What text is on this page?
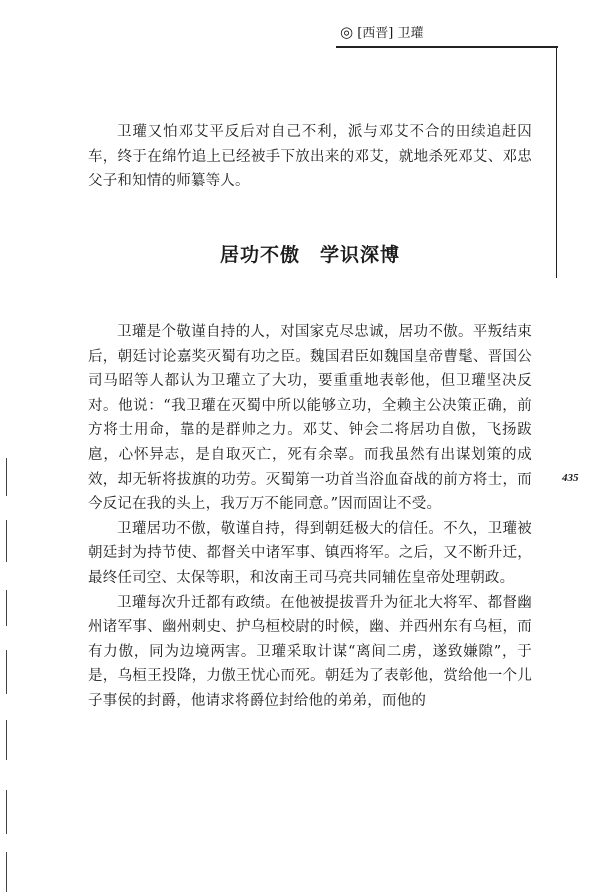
◎ [西晋] 卫瓘
435

卫瓘又怕邓艾平反后对自己不利，派与邓艾不合的田续追赶囚车，终于在绵竹追上已经被手下放出来的邓艾，就地杀死邓艾、邓忠父子和知情的师纂等人。

居功不傲　学识深博

卫瓘是个敬谨自持的人，对国家克尽忠诚，居功不傲。平叛结束后，朝廷讨论嘉奖灭蜀有功之臣。魏国君臣如魏国皇帝曹髦、晋国公司马昭等人都认为卫瓘立了大功，要重重地表彰他，但卫瓘坚决反对。他说：“我卫瓘在灭蜀中所以能够立功，全赖主公决策正确，前方将士用命，靠的是群帅之力。邓艾、钟会二将居功自傲，飞扬跋扈，心怀异志，是自取灭亡，死有余辜。而我虽然有出谋划策的成效，却无斩将拔旗的功劳。灭蜀第一功首当浴血奋战的前方将士，而今反记在我的头上，我万万不能同意。”因而固让不受。

卫瓘居功不傲，敬谨自持，得到朝廷极大的信任。不久，卫瓘被朝廷封为持节使、都督关中诸军事、镇西将军。之后，又不断升迁，最终任司空、太保等职，和汝南王司马亮共同辅佐皇帝处理朝政。

卫瓘每次升迁都有政绩。在他被提拔晋升为征北大将军、都督幽州诸军事、幽州刺史、护乌桓校尉的时候，幽、并西州东有乌桓，而有力傲，同为边境两害。卫瓘采取计谋“离间二虏，遂致嫌隙”，于是，乌桓王投降，力傲王忧心而死。朝廷为了表彰他，赏给他一个儿子事侯的封爵，他请求将爵位封给他的弟弟，而他的
